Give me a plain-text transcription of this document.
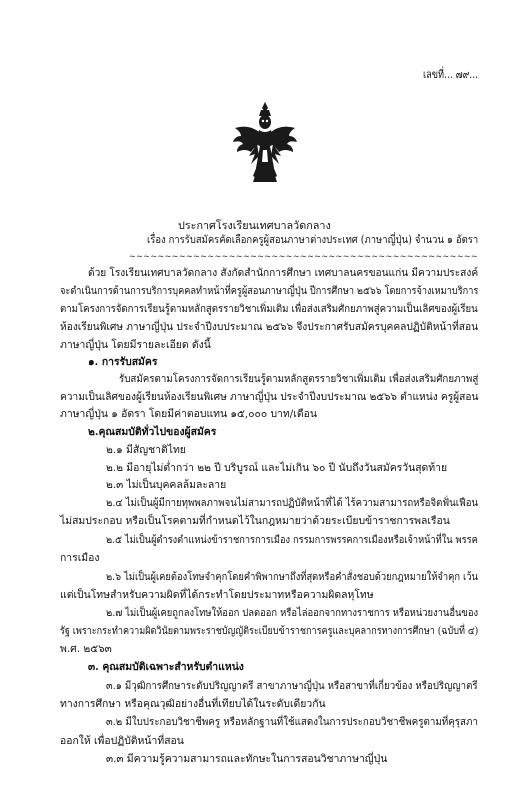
เลขที่... ๗๙...
ประกาศโรงเรียนเทศบาลวัดกลาง
เรื่อง การรับสมัครคัดเลือกครูผู้สอนภาษาต่างประเทศ (ภาษาญี่ปุ่น) จำนวน ๑ อัตรา
~~~~~~~~~~~~~~~~~~~~~~~~~~~~~~~~~~~~~~~~~~~~~~~~~
ด้วย โรงเรียนเทศบาลวัดกลาง สังกัดสำนักการศึกษา เทศบาลนครขอนแก่น มีความประสงค์
จะดำเนินการด้านการบริการบุคคลทำหน้าที่ครูผู้สอนภาษาญี่ปุ่น ปีการศึกษา ๒๕๖๖ โดยการจ้างเหมาบริการ
ตามโครงการจัดการเรียนรู้ตามหลักสูตรรายวิชาเพิ่มเติม เพื่อส่งเสริมศักยภาพสู่ความเป็นเลิศของผู้เรียน
ห้องเรียนพิเศษ ภาษาญี่ปุ่น ประจำปีงบประมาณ ๒๕๖๖ จึงประกาศรับสมัครบุคคลปฏิบัติหน้าที่สอน
ภาษาญี่ปุ่น โดยมีรายละเอียด ดังนี้
๑. การรับสมัคร
รับสมัครตามโครงการจัดการเรียนรู้ตามหลักสูตรรายวิชาเพิ่มเติม เพื่อส่งเสริมศักยภาพสู่
ความเป็นเลิศของผู้เรียนห้องเรียนพิเศษ ภาษาญี่ปุ่น ประจำปีงบประมาณ ๒๕๖๖ ตำแหน่ง ครูผู้สอน
ภาษาญี่ปุ่น ๑ อัตรา โดยมีค่าตอบแทน ๑๕,๐๐๐ บาท/เดือน
๒.คุณสมบัติทั่วไปของผู้สมัคร
๒.๑ มีสัญชาติไทย
๒.๒ มีอายุไม่ต่ำกว่า ๒๒ ปี บริบูรณ์ และไม่เกิน ๖๐ ปี นับถึงวันสมัครวันสุดท้าย
๒.๓ ไม่เป็นบุคคลล้มละลาย
๒.๔ ไม่เป็นผู้มีกายทุพพลภาพจนไม่สามารถปฏิบัติหน้าที่ได้ ไร้ความสามารถหรือจิตฟั่นเฟือน
ไม่สมประกอบ หรือเป็นโรคตามที่กำหนดไว้ในกฎหมายว่าด้วยระเบียบข้าราชการพลเรือน
๒.๕ ไม่เป็นผู้ดำรงตำแหน่งข้าราชการการเมือง กรรมการพรรคการเมืองหรือเจ้าหน้าที่ใน พรรค
การเมือง
๒.๖ ไม่เป็นผู้เคยต้องโทษจำคุกโดยคำพิพากษาถึงที่สุดหรือคำสั่งชอบด้วยกฎหมายให้จำคุก เว้น
แต่เป็นโทษสำหรับความผิดที่ได้กระทำโดยประมาทหรือความผิดลหุโทษ
๒.๗ ไม่เป็นผู้เคยถูกลงโทษให้ออก ปลดออก หรือไล่ออกจากทางราชการ หรือหน่วยงานอื่นของ
รัฐ เพราะกระทำความผิดวินัยตามพระราชบัญญัติระเบียบข้าราชการครูและบุคลากรทางการศึกษา (ฉบับที่ ๔)
พ.ศ. ๒๕๖๓
๓. คุณสมบัติเฉพาะสำหรับตำแหน่ง
๓.๑ มีวุฒิการศึกษาระดับปริญญาตรี สาขาภาษาญี่ปุ่น หรือสาขาที่เกี่ยวข้อง หรือปริญญาตรี
ทางการศึกษา หรือคุณวุฒิอย่างอื่นที่เทียบได้ในระดับเดียวกัน
๓.๒ มีใบประกอบวิชาชีพครู หรือหลักฐานที่ใช้แสดงในการประกอบวิชาชีพครูตามที่คุรุสภา
ออกให้ เพื่อปฏิบัติหน้าที่สอน
๓.๓ มีความรู้ความสามารถและทักษะในการสอนวิชาภาษาญี่ปุ่น
